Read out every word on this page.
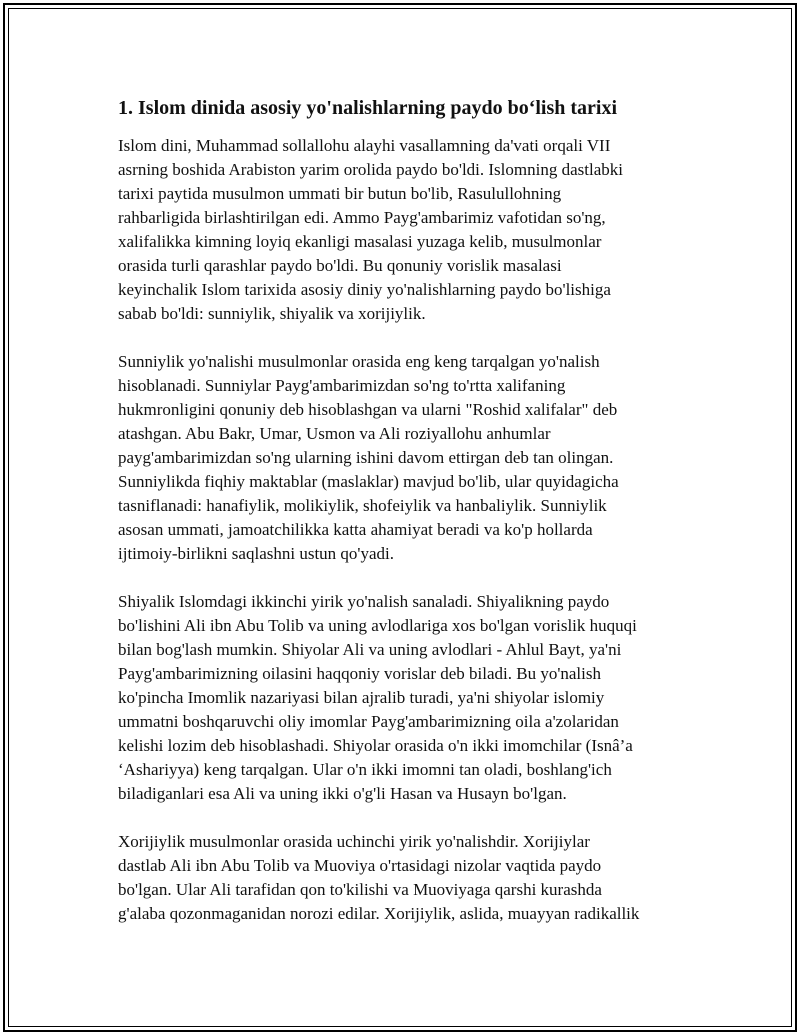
1. Islom dinida asosiy yo'nalishlarning paydo bo‘lish tarixi
Islom dini, Muhammad sollallohu alayhi vasallamning da'vati orqali VII
asrning boshida Arabiston yarim orolida paydo bo'ldi. Islomning dastlabki
tarixi paytida musulmon ummati bir butun bo'lib, Rasulullohning
rahbarligida birlashtirilgan edi. Ammo Payg'ambarimiz vafotidan so'ng,
xalifalikka kimning loyiq ekanligi masalasi yuzaga kelib, musulmonlar
orasida turli qarashlar paydo bo'ldi. Bu qonuniy vorislik masalasi
keyinchalik Islom tarixida asosiy diniy yo'nalishlarning paydo bo'lishiga
sabab bo'ldi: sunniylik, shiyalik va xorijiylik.
Sunniylik yo'nalishi musulmonlar orasida eng keng tarqalgan yo'nalish
hisoblanadi. Sunniylar Payg'ambarimizdan so'ng to'rtta xalifaning
hukmronligini qonuniy deb hisoblashgan va ularni "Roshid xalifalar" deb
atashgan. Abu Bakr, Umar, Usmon va Ali roziyallohu anhumlar
payg'ambarimizdan so'ng ularning ishini davom ettirgan deb tan olingan.
Sunniylikda fiqhiy maktablar (maslaklar) mavjud bo'lib, ular quyidagicha
tasniflanadi: hanafiylik, molikiylik, shofeiylik va hanbaliylik. Sunniylik
asosan ummati, jamoatchilikka katta ahamiyat beradi va ko'p hollarda
ijtimoiy-birlikni saqlashni ustun qo'yadi.
Shiyalik Islomdagi ikkinchi yirik yo'nalish sanaladi. Shiyalikning paydo
bo'lishini Ali ibn Abu Tolib va uning avlodlariga xos bo'lgan vorislik huquqi
bilan bog'lash mumkin. Shiyolar Ali va uning avlodlari - Ahlul Bayt, ya'ni
Payg'ambarimizning oilasini haqqoniy vorislar deb biladi. Bu yo'nalish
ko'pincha Imomlik nazariyasi bilan ajralib turadi, ya'ni shiyolar islomiy
ummatni boshqaruvchi oliy imomlar Payg'ambarimizning oila a'zolaridan
kelishi lozim deb hisoblashadi. Shiyolar orasida o'n ikki imomchilar (Isnâ’a
‘Ashariyya) keng tarqalgan. Ular o'n ikki imomni tan oladi, boshlang'ich
biladiganlari esa Ali va uning ikki o'g'li Hasan va Husayn bo'lgan.
Xorijiylik musulmonlar orasida uchinchi yirik yo'nalishdir. Xorijiylar
dastlab Ali ibn Abu Tolib va Muoviya o'rtasidagi nizolar vaqtida paydo
bo'lgan. Ular Ali tarafidan qon to'kilishi va Muoviyaga qarshi kurashda
g'alaba qozonmaganidan norozi edilar. Xorijiylik, aslida, muayyan radikallik
